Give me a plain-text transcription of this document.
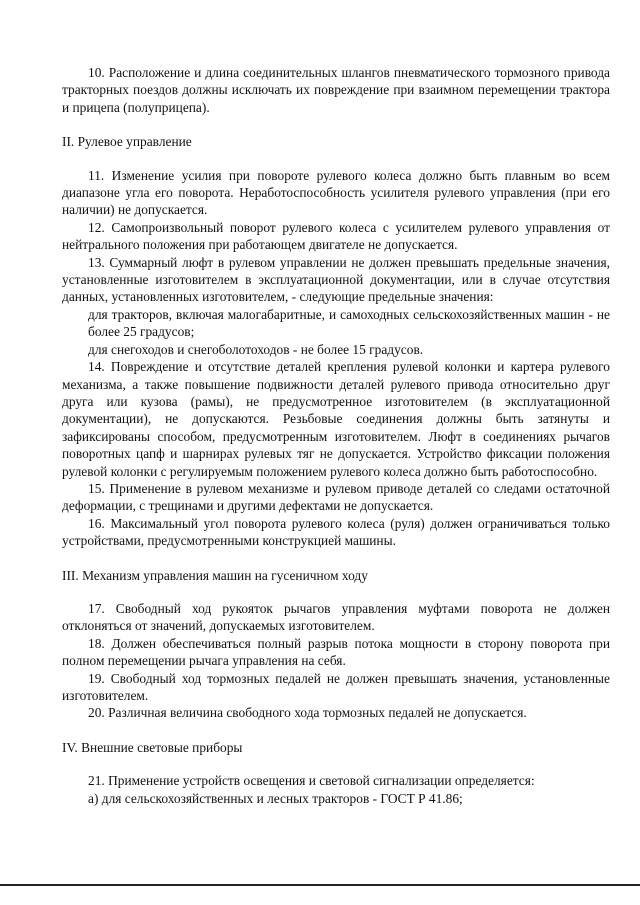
10. Расположение и длина соединительных шлангов пневматического тормозного привода тракторных поездов должны исключать их повреждение при взаимном перемещении трактора и прицепа (полуприцепа).

II. Рулевое управление

11. Изменение усилия при повороте рулевого колеса должно быть плавным во всем диапазоне угла его поворота. Неработоспособность усилителя рулевого управления (при его наличии) не допускается.

12. Самопроизвольный поворот рулевого колеса с усилителем рулевого управления от нейтрального положения при работающем двигателе не допускается.

13. Суммарный люфт в рулевом управлении не должен превышать предельные значения, установленные изготовителем в эксплуатационной документации, или в случае отсутствия данных, установленных изготовителем, - следующие предельные значения:

для тракторов, включая малогабаритные, и самоходных сельскохозяйственных машин - не более 25 градусов;

для снегоходов и снегоболотоходов - не более 15 градусов.

14. Повреждение и отсутствие деталей крепления рулевой колонки и картера рулевого механизма, а также повышение подвижности деталей рулевого привода относительно друг друга или кузова (рамы), не предусмотренное изготовителем (в эксплуатационной документации), не допускаются. Резьбовые соединения должны быть затянуты и зафиксированы способом, предусмотренным изготовителем. Люфт в соединениях рычагов поворотных цапф и шарнирах рулевых тяг не допускается. Устройство фиксации положения рулевой колонки с регулируемым положением рулевого колеса должно быть работоспособно.

15. Применение в рулевом механизме и рулевом приводе деталей со следами остаточной деформации, с трещинами и другими дефектами не допускается.

16. Максимальный угол поворота рулевого колеса (руля) должен ограничиваться только устройствами, предусмотренными конструкцией машины.

III. Механизм управления машин на гусеничном ходу

17. Свободный ход рукояток рычагов управления муфтами поворота не должен отклоняться от значений, допускаемых изготовителем.

18. Должен обеспечиваться полный разрыв потока мощности в сторону поворота при полном перемещении рычага управления на себя.

19. Свободный ход тормозных педалей не должен превышать значения, установленные изготовителем.

20. Различная величина свободного хода тормозных педалей не допускается.

IV. Внешние световые приборы

21. Применение устройств освещения и световой сигнализации определяется:

а) для сельскохозяйственных и лесных тракторов - ГОСТ Р 41.86;
